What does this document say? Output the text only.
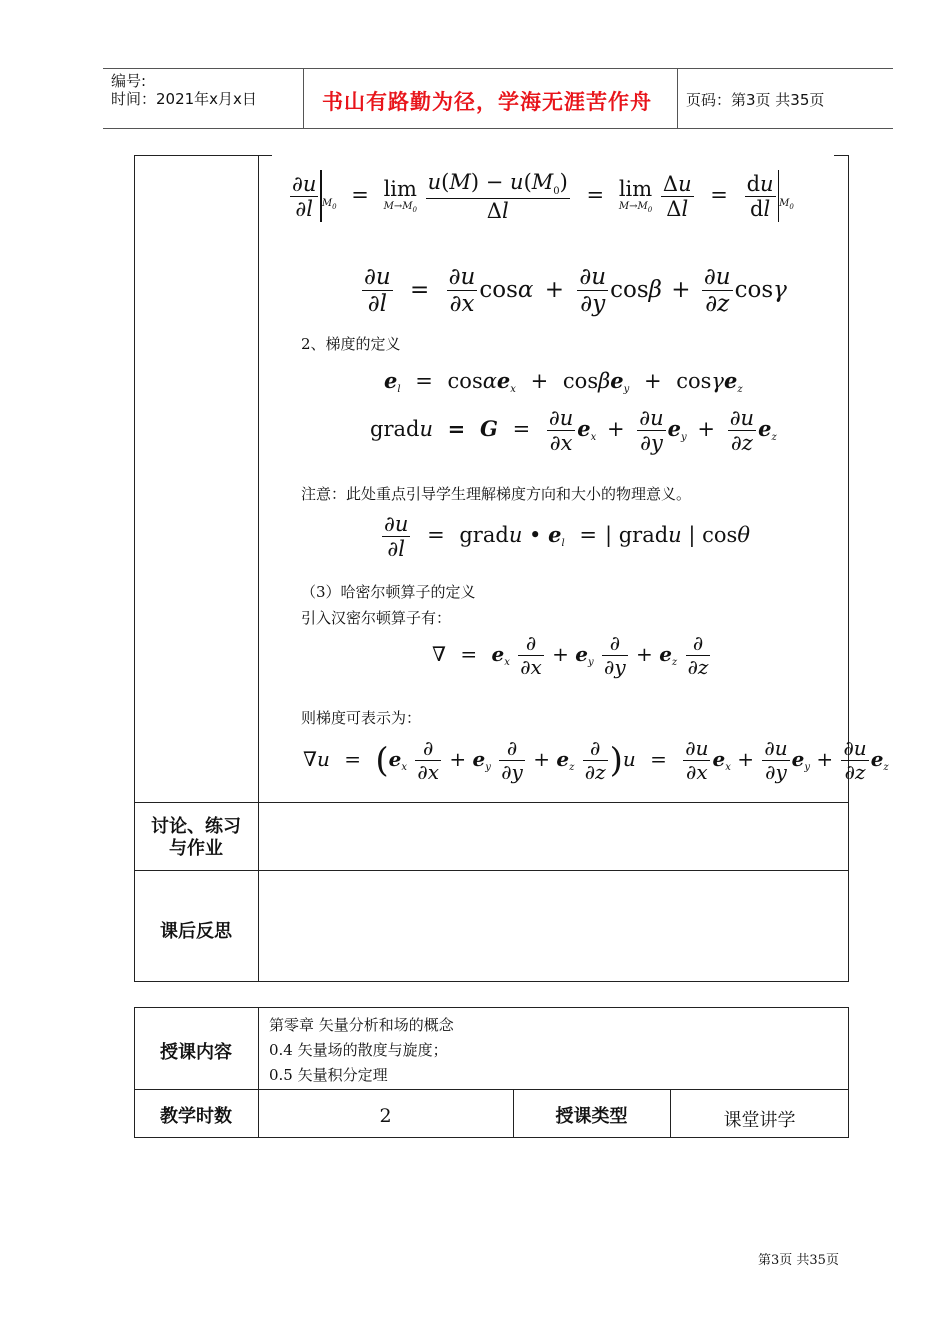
编号:
时间：2021年x月x日	书山有路勤为径，学海无涯苦作舟 页码：第3页 共35页
$\frac{\partial u}{\partial l} _{M_0} = \lim$
$M\to M_0$
$\frac{u(M) - u(M_0)}{\Delta l} = \lim$
$M\to M_0$
$\frac{\Delta u}{\Delta l} = \frac{du}{dl} _{M_0}$
$\frac{\partial u}{\partial l} = \frac{\partial u}{\partial x}$ $\cos\alpha + \frac{\partial u}{\partial y}$ $\cos\beta + \frac{\partial u}{\partial z}$ cosγ
2、梯度的定义
$e_l = \cos\alpha e_x + \cos\beta e_y + \cos\gamma e_z$
gradu = $G = \frac{\partial u}{\partial x} e_x + \frac{\partial u}{\partial y} e_y + \frac{\partial u}{\partial z} e_z$
注意：此处重点引导学生理解梯度方向和大小的物理意义。
$\frac{\partial u}{\partial l}$ = gradu • $e_l$ = | gradu | cosθ
（3）哈密尔顿算子的定义
引入汉密尔顿算子有：
∇ = $e_x \frac{\partial}{\partial x} + e_y \frac{\partial}{\partial y} + e_z \frac{\partial}{\partial z}$
则梯度可表示为：
$\nabla u = (e_x \frac{\partial}{\partial x} + e_y \frac{\partial}{\partial y} + e_z \frac{\partial}{\partial z} )u = \frac{\partial u}{\partial x} e_x + \frac{\partial u}{\partial y} e_y + \frac{\partial u}{\partial z} e_z$
讨论、练习
与作业
课后反思
授课内容
第零章 矢量分析和场的概念
0.4 矢量场的散度与旋度；
0.5 矢量积分定理
教学时数	2	授课类型	课堂讲学
第3页 共35页
